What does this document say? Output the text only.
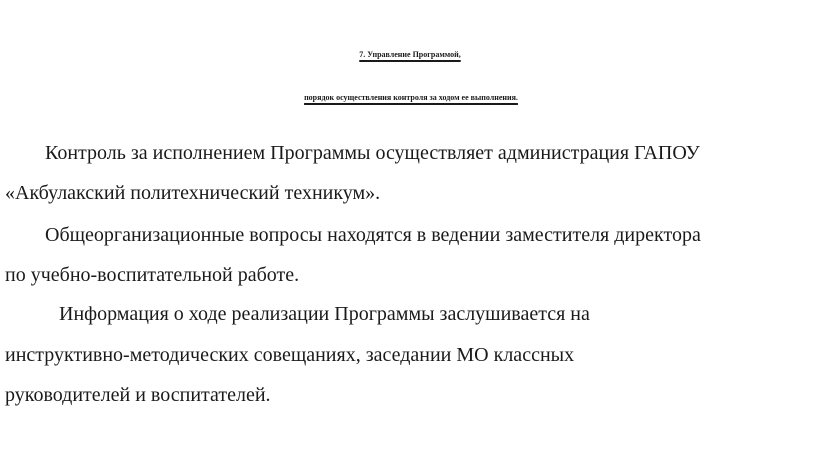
7. Управление Программой,
порядок осуществления контроля за ходом ее выполнения.
Контроль за исполнением Программы осуществляет администрация ГАПОУ
«Акбулакский политехнический техникум».
Общеорганизационные вопросы находятся в ведении заместителя директора
по учебно-воспитательной работе.
Информация о ходе реализации Программы заслушивается на
инструктивно-методических совещаниях, заседании МО классных
руководителей и воспитателей.
